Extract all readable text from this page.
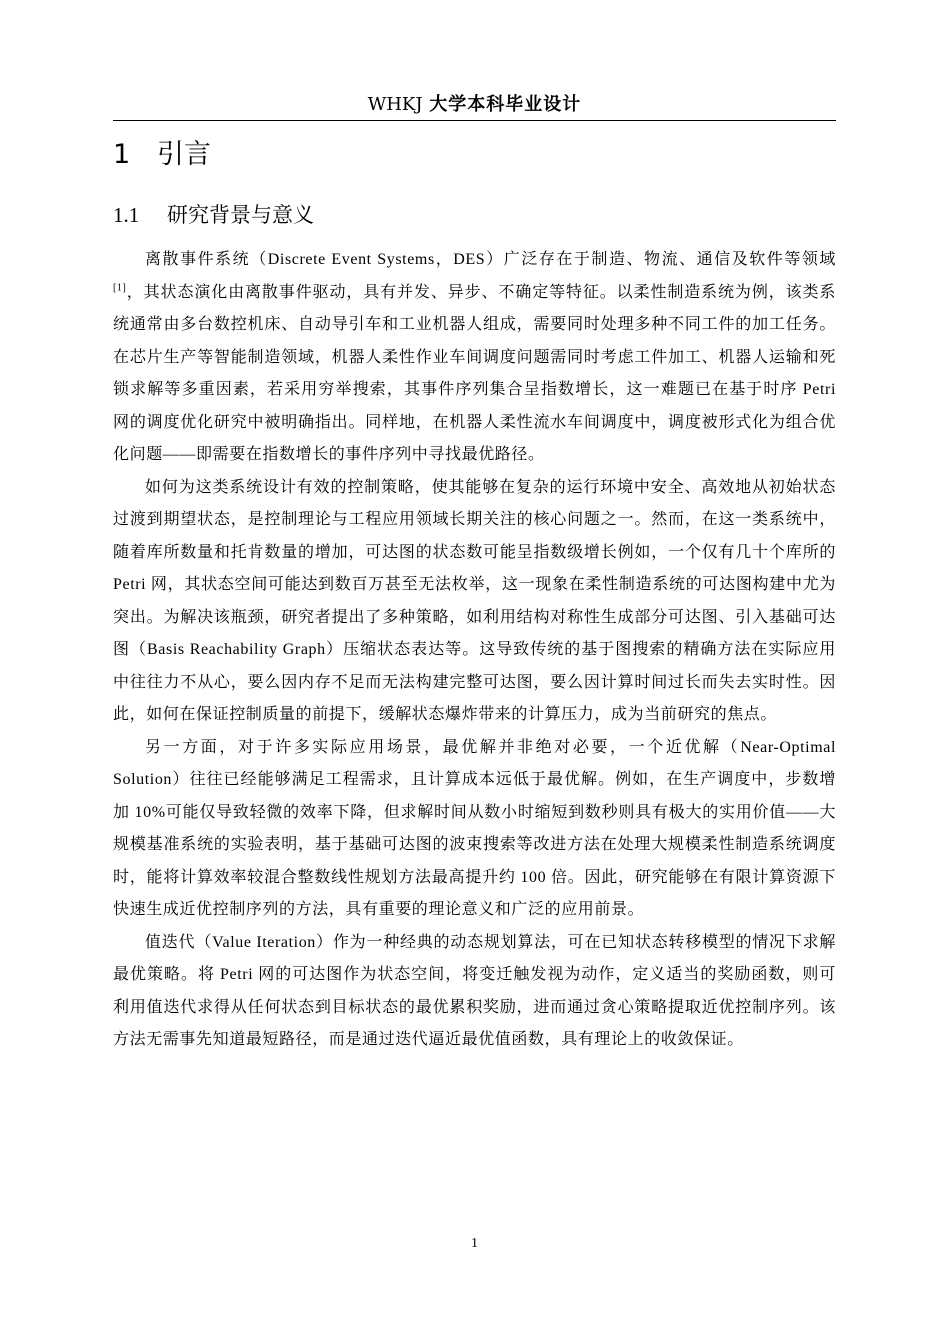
WHKJ 大学本科毕业设计
1 引言
1.1 研究背景与意义

离散事件系统（Discrete Event Systems，DES）广泛存在于制造、物流、通信及软件等领域[1]，其状态演化由离散事件驱动，具有并发、异步、不确定等特征。以柔性制造系统为例，该类系统通常由多台数控机床、自动导引车和工业机器人组成，需要同时处理多种不同工件的加工任务。在芯片生产等智能制造领域，机器人柔性作业车间调度问题需同时考虑工件加工、机器人运输和死锁求解等多重因素，若采用穷举搜索，其事件序列集合呈指数增长，这一难题已在基于时序 Petri 网的调度优化研究中被明确指出。同样地，在机器人柔性流水车间调度中，调度被形式化为组合优化问题——即需要在指数增长的事件序列中寻找最优路径。

如何为这类系统设计有效的控制策略，使其能够在复杂的运行环境中安全、高效地从初始状态过渡到期望状态，是控制理论与工程应用领域长期关注的核心问题之一。然而，在这一类系统中，随着库所数量和托肯数量的增加，可达图的状态数可能呈指数级增长例如，一个仅有几十个库所的 Petri 网，其状态空间可能达到数百万甚至无法枚举，这一现象在柔性制造系统的可达图构建中尤为突出。为解决该瓶颈，研究者提出了多种策略，如利用结构对称性生成部分可达图、引入基础可达图（Basis Reachability Graph）压缩状态表达等。这导致传统的基于图搜索的精确方法在实际应用中往往力不从心，要么因内存不足而无法构建完整可达图，要么因计算时间过长而失去实时性。因此，如何在保证控制质量的前提下，缓解状态爆炸带来的计算压力，成为当前研究的焦点。

另一方面，对于许多实际应用场景，最优解并非绝对必要，一个近优解（Near-Optimal Solution）往往已经能够满足工程需求，且计算成本远低于最优解。例如，在生产调度中，步数增加 10%可能仅导致轻微的效率下降，但求解时间从数小时缩短到数秒则具有极大的实用价值——大规模基准系统的实验表明，基于基础可达图的波束搜索等改进方法在处理大规模柔性制造系统调度时，能将计算效率较混合整数线性规划方法最高提升约 100 倍。因此，研究能够在有限计算资源下快速生成近优控制序列的方法，具有重要的理论意义和广泛的应用前景。

值迭代（Value Iteration）作为一种经典的动态规划算法，可在已知状态转移模型的情况下求解最优策略。将 Petri 网的可达图作为状态空间，将变迁触发视为动作，定义适当的奖励函数，则可利用值迭代求得从任何状态到目标状态的最优累积奖励，进而通过贪心策略提取近优控制序列。该方法无需事先知道最短路径，而是通过迭代逼近最优值函数，具有理论上的收敛保证。

1
